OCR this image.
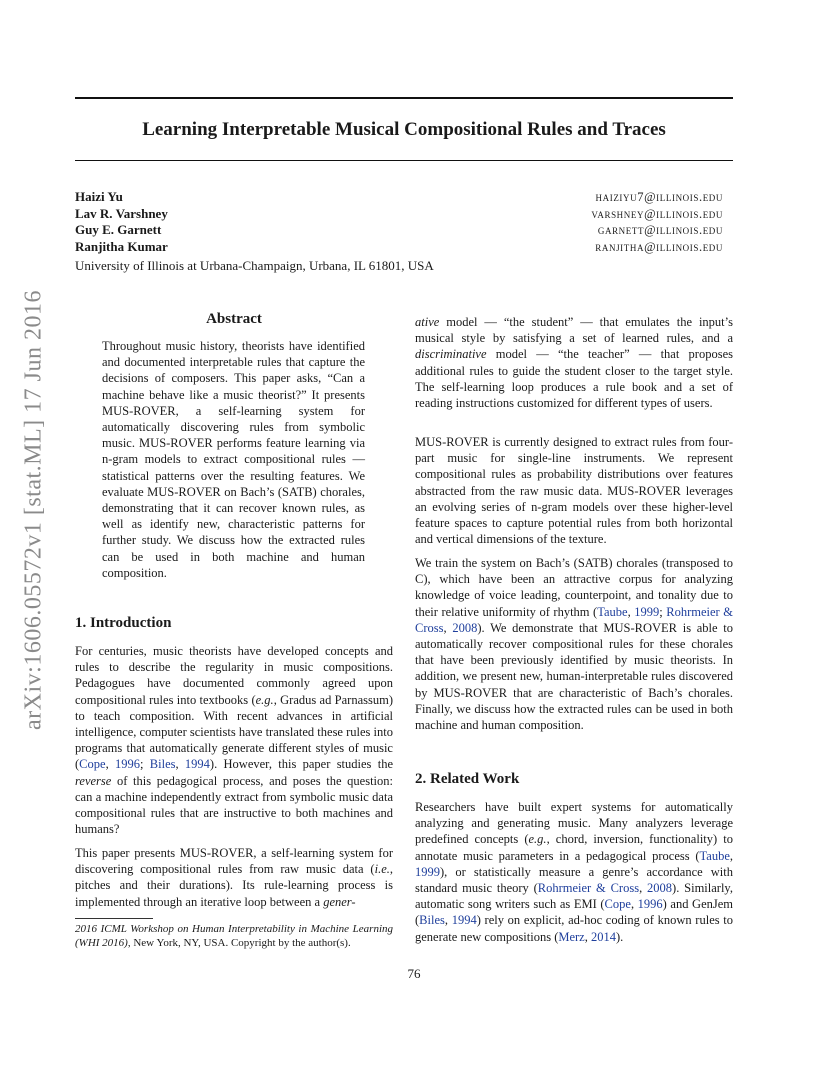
arXiv:1606.05572v1 [stat.ML] 17 Jun 2016
Learning Interpretable Musical Compositional Rules and Traces
Haizi Yu	haiziyu7@illinois.edu
Lav R. Varshney	varshney@illinois.edu
Guy E. Garnett	garnett@illinois.edu
Ranjitha Kumar	ranjitha@illinois.edu
University of Illinois at Urbana-Champaign, Urbana, IL 61801, USA
Abstract

Throughout music history, theorists have identified and documented interpretable rules that capture the decisions of composers. This paper asks, “Can a machine behave like a music theorist?” It presents MUS-ROVER, a self-learning system for automatically discovering rules from symbolic music. MUS-ROVER performs feature learning via n-gram models to extract compositional rules — statistical patterns over the resulting features. We evaluate MUS-ROVER on Bach’s (SATB) chorales, demonstrating that it can recover known rules, as well as identify new, characteristic patterns for further study. We discuss how the extracted rules can be used in both machine and human composition.

1. Introduction

For centuries, music theorists have developed concepts and rules to describe the regularity in music compositions. Pedagogues have documented commonly agreed upon compositional rules into textbooks (e.g., Gradus ad Parnassum) to teach composition. With recent advances in artificial intelligence, computer scientists have translated these rules into programs that automatically generate different styles of music (Cope, 1996; Biles, 1994). However, this paper studies the reverse of this pedagogical process, and poses the question: can a machine independently extract from symbolic music data compositional rules that are instructive to both machines and humans?

This paper presents MUS-ROVER, a self-learning system for discovering compositional rules from raw music data (i.e., pitches and their durations). Its rule-learning process is implemented through an iterative loop between a gener-

2016 ICML Workshop on Human Interpretability in Machine Learning (WHI 2016), New York, NY, USA. Copyright by the author(s).

ative model — “the student” — that emulates the input’s musical style by satisfying a set of learned rules, and a discriminative model — “the teacher” — that proposes additional rules to guide the student closer to the target style. The self-learning loop produces a rule book and a set of reading instructions customized for different types of users.

MUS-ROVER is currently designed to extract rules from four-part music for single-line instruments. We represent compositional rules as probability distributions over features abstracted from the raw music data. MUS-ROVER leverages an evolving series of n-gram models over these higher-level feature spaces to capture potential rules from both horizontal and vertical dimensions of the texture.

We train the system on Bach’s (SATB) chorales (transposed to C), which have been an attractive corpus for analyzing knowledge of voice leading, counterpoint, and tonality due to their relative uniformity of rhythm (Taube, 1999; Rohrmeier & Cross, 2008). We demonstrate that MUS-ROVER is able to automatically recover compositional rules for these chorales that have been previously identified by music theorists. In addition, we present new, human-interpretable rules discovered by MUS-ROVER that are characteristic of Bach’s chorales. Finally, we discuss how the extracted rules can be used in both machine and human composition.

2. Related Work

Researchers have built expert systems for automatically analyzing and generating music. Many analyzers leverage predefined concepts (e.g., chord, inversion, functionality) to annotate music parameters in a pedagogical process (Taube, 1999), or statistically measure a genre’s accordance with standard music theory (Rohrmeier & Cross, 2008). Similarly, automatic song writers such as EMI (Cope, 1996) and GenJem (Biles, 1994) rely on explicit, ad-hoc coding of known rules to generate new compositions (Merz, 2014).

76
